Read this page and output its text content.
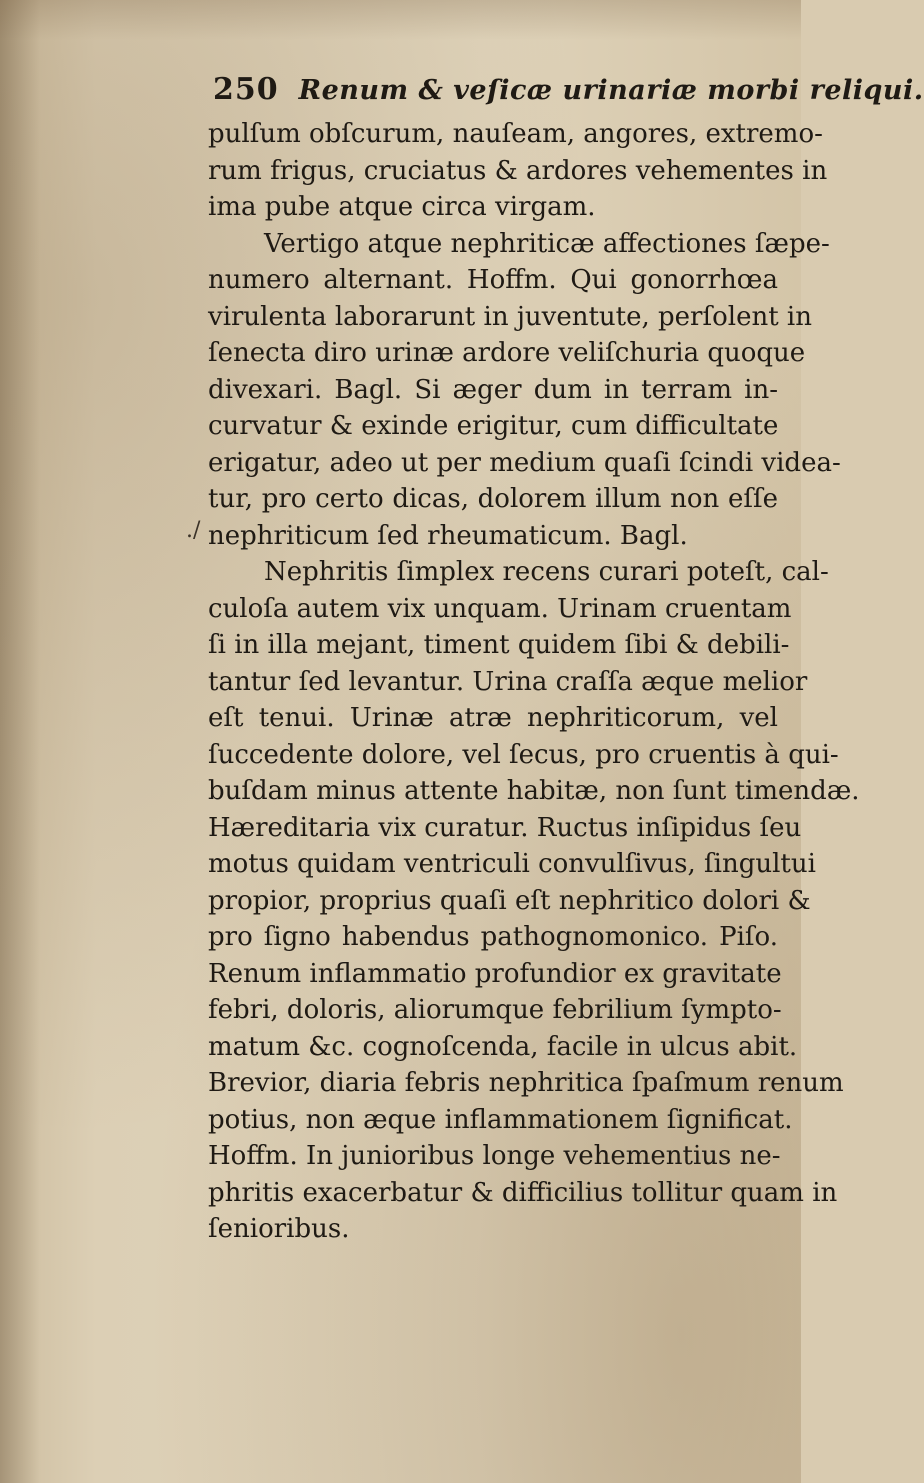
250 Renum & veſicæ urinariæ morbi reliqui.
./
pulſum obſcurum, nauſeam, angores, extremo-
rum frigus, cruciatus & ardores vehementes in
ima pube atque circa virgam.
Vertigo atque nephriticæ affectiones ſæpe-
numero alternant. Hoffm. Qui gonorrhœa
virulenta laborarunt in juventute, perſolent in
ſenecta diro urinæ ardore veliſchuria quoque
divexari. Bagl. Si æger dum in terram in-
curvatur & exinde erigitur, cum difficultate
erigatur, adeo ut per medium quaſi ſcindi videa-
tur, pro certo dicas, dolorem illum non eſſe
nephriticum ſed rheumaticum. Bagl.
Nephritis ſimplex recens curari poteſt, cal-
culoſa autem vix unquam. Urinam cruentam
ſi in illa mejant, timent quidem ſibi & debili-
tantur ſed levantur. Urina craſſa æque melior
eſt tenui. Urinæ atræ nephriticorum, vel
ſuccedente dolore, vel ſecus, pro cruentis à qui-
buſdam minus attente habitæ, non ſunt timendæ.
Hæreditaria vix curatur. Ructus inſipidus ſeu
motus quidam ventriculi convulſivus, ſingultui
propior, proprius quaſi eſt nephritico dolori &
pro ſigno habendus pathognomonico. Piſo.
Renum inflammatio profundior ex gravitate
febri, doloris, aliorumque febrilium ſympto-
matum &c. cognoſcenda, facile in ulcus abit.
Brevior, diaria febris nephritica ſpaſmum renum
potius, non æque inflammationem ſignificat.
Hoffm. In junioribus longe vehementius ne-
phritis exacerbatur & difficilius tollitur quam in
ſenioribus.
